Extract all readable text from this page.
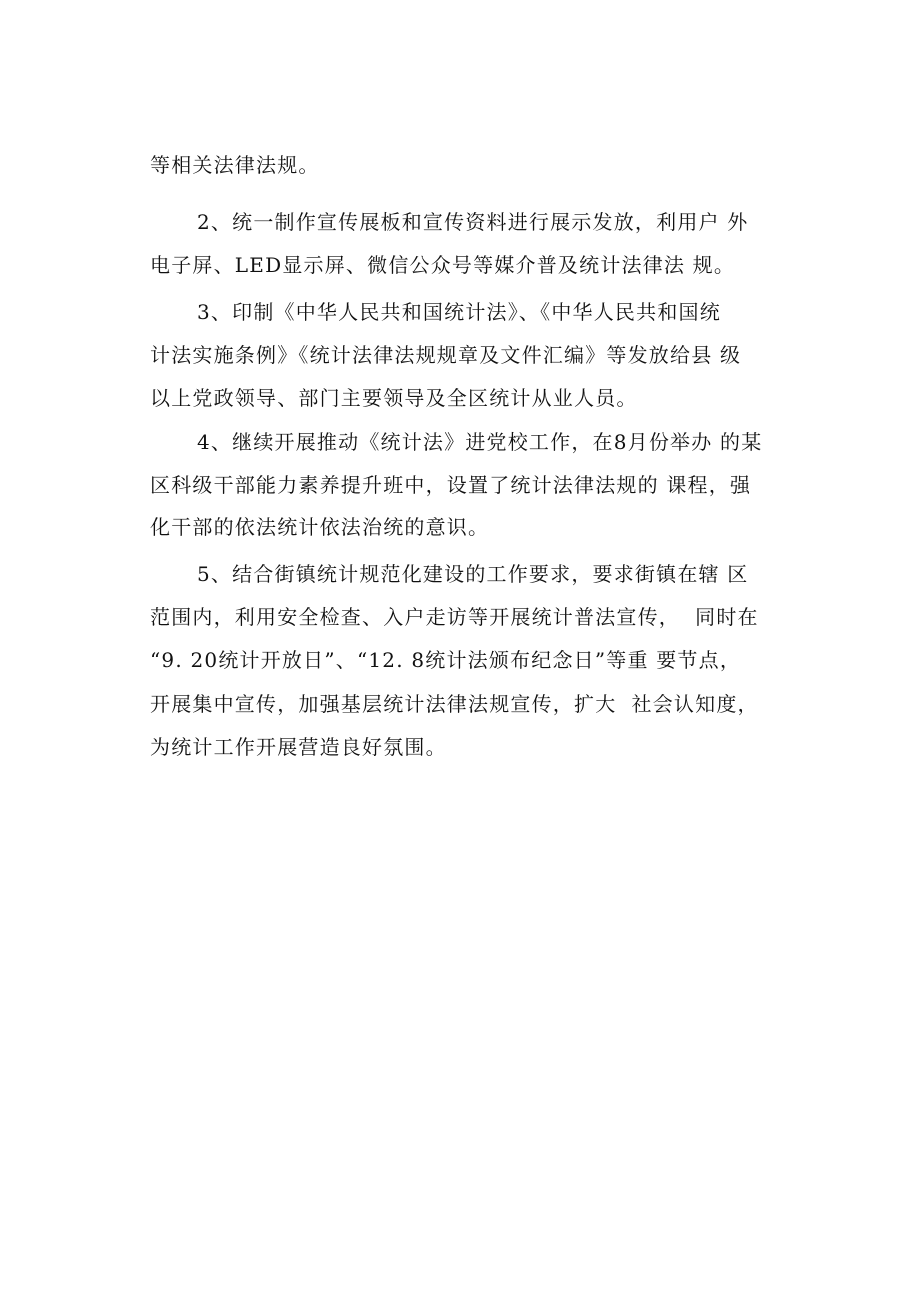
等相关法律法规。
2、统一制作宣传展板和宣传资料进行展示发放，利用户 外
电子屏、LED显示屏、微信公众号等媒介普及统计法律法 规。
3、印制《中华人民共和国统计法》、《中华人民共和国统
计法实施条例》《统计法律法规规章及文件汇编》等发放给县 级
以上党政领导、部门主要领导及全区统计从业人员。
4、继续开展推动《统计法》进党校工作，在8月份举办 的某
区科级干部能力素养提升班中，设置了统计法律法规的 课程，强
化干部的依法统计依法治统的意识。
5、结合街镇统计规范化建设的工作要求，要求街镇在辖 区
范围内，利用安全检查、入户走访等开展统计普法宣传，  同时在
“9. 20统计开放日”、“12. 8统计法颁布纪念日”等重 要节点，
开展集中宣传，加强基层统计法律法规宣传，扩大  社会认知度，
为统计工作开展营造良好氛围。
